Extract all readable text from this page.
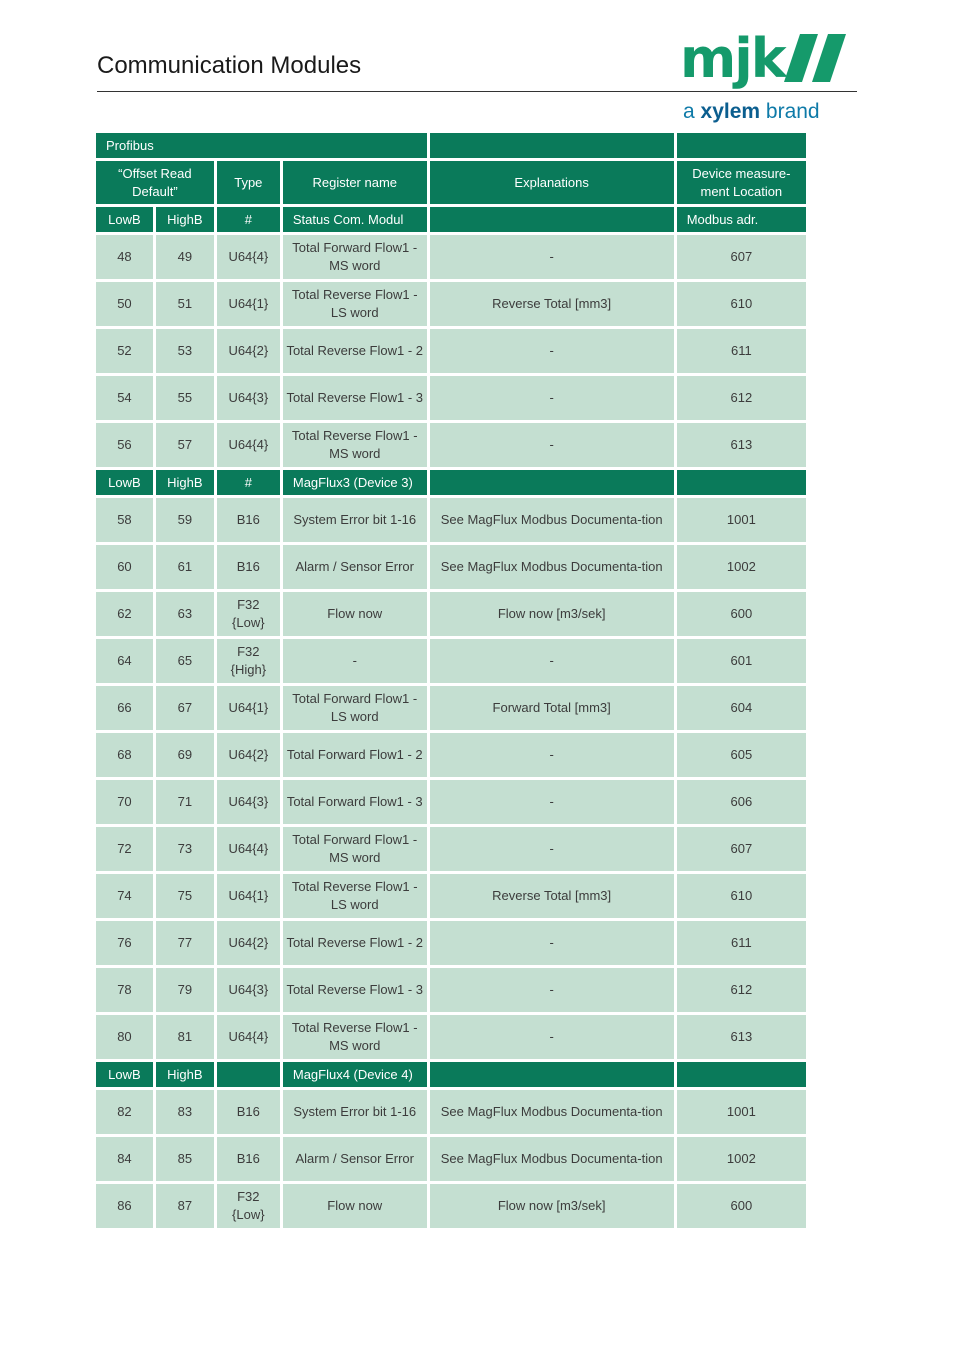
Communication Modules	mjk
a xylem brand
Profibus					
“Offset Read Default”		Type	Register name	Explanations	Device measure-ment Location
LowB	HighB	#	Status Com. Modul		Modbus adr.
48	49	U64{4}	Total Forward Flow1 - MS word	-	607
50	51	U64{1}	Total Reverse Flow1 - LS word	Reverse Total [mm3]	610
52	53	U64{2}	Total Reverse Flow1 - 2	-	611
54	55	U64{3}	Total Reverse Flow1 - 3	-	612
56	57	U64{4}	Total Reverse Flow1 - MS word	-	613
LowB	HighB	#	MagFlux3 (Device 3)		
58	59	B16	System Error bit 1-16	See MagFlux Modbus Documenta-tion	1001
60	61	B16	Alarm / Sensor Error	See MagFlux Modbus Documenta-tion	1002
62	63	F32 {Low}	Flow now	Flow now [m3/sek]	600
64	65	F32 {High}	-	-	601
66	67	U64{1}	Total Forward Flow1 - LS word	Forward Total [mm3]	604
68	69	U64{2}	Total Forward Flow1 - 2	-	605
70	71	U64{3}	Total Forward Flow1 - 3	-	606
72	73	U64{4}	Total Forward Flow1 - MS word	-	607
74	75	U64{1}	Total Reverse Flow1 - LS word	Reverse Total [mm3]	610
76	77	U64{2}	Total Reverse Flow1 - 2	-	611
78	79	U64{3}	Total Reverse Flow1 - 3	-	612
80	81	U64{4}	Total Reverse Flow1 - MS word	-	613
LowB	HighB		MagFlux4 (Device 4)		
82	83	B16	System Error bit 1-16	See MagFlux Modbus Documenta-tion	1001
84	85	B16	Alarm / Sensor Error	See MagFlux Modbus Documenta-tion	1002
86	87	F32 {Low}	Flow now	Flow now [m3/sek]	600
